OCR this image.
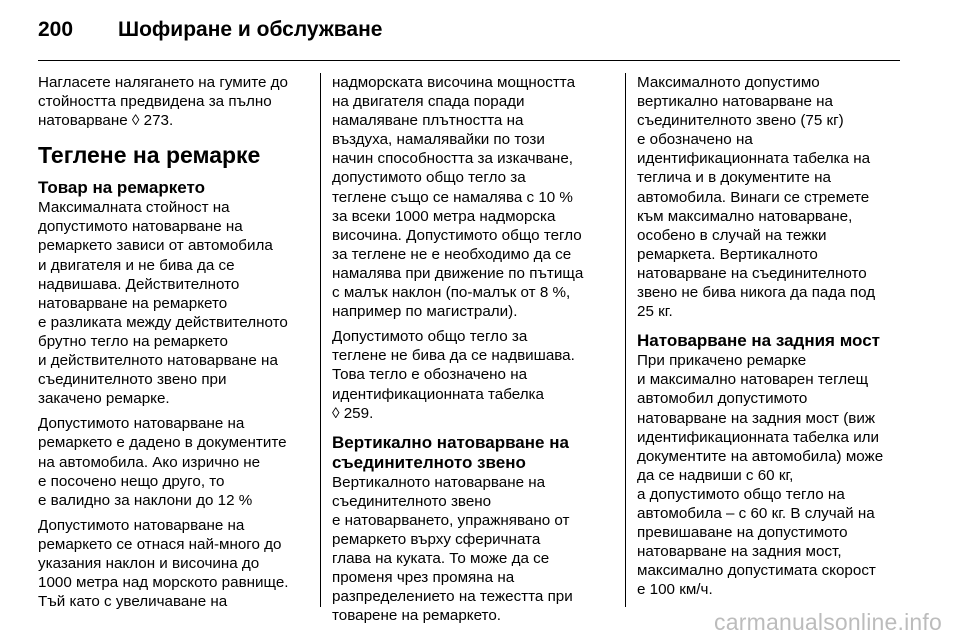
200	Шофиране и обслужване
Нагласете налягането на гумите до
стойността предвидена за пълно
натоварване ◊ 273.
Теглене на ремарке
Товар на ремаркето
Максималната стойност на
допустимото натоварване на
ремаркето зависи от автомобила
и двигателя и не бива да се
надвишава. Действителното
натоварване на ремаркето
е разликата между действителното
брутно тегло на ремаркето
и действителното натоварване на
съединителното звено при
закачено ремарке.
Допустимото натоварване на
ремаркето е дадено в документите
на автомобила. Ако изрично не
е посочено нещо друго, то
е валидно за наклони до 12 %
Допустимото натоварване на
ремаркето се отнася най-много до
указания наклон и височина до
1000 метра над морското равнище.
Тъй като с увеличаване на
надморската височина мощността
на двигателя спада поради
намаляване плътността на
въздуха, намалявайки по този
начин способността за изкачване,
допустимото общо тегло за
теглене също се намалява с 10 %
за всеки 1000 метра надморска
височина. Допустимото общо тегло
за теглене не е необходимо да се
намалява при движение по пътища
с малък наклон (по-малък от 8 %,
например по магистрали).
Допустимото общо тегло за
теглене не бива да се надвишава.
Това тегло е обозначено на
идентификационната табелка
◊ 259.
Вертикално натоварване на
съединителното звено
Вертикалното натоварване на
съединителното звено
е натоварването, упражнявано от
ремаркето върху сферичната
глава на куката. То може да се
променя чрез промяна на
разпределението на тежестта при
товарене на ремаркето.
Максималното допустимо
вертикално натоварване на
съединителното звено (75 кг)
е обозначено на
идентификационната табелка на
теглича и в документите на
автомобила. Винаги се стремете
към максимално натоварване,
особено в случай на тежки
ремаркета. Вертикалното
натоварване на съединителното
звено не бива никога да пада под
25 кг.
Натоварване на задния мост
При прикачено ремарке
и максимално натоварен теглещ
автомобил допустимото
натоварване на задния мост (виж
идентификационната табелка или
документите на автомобила) може
да се надвиши с 60 кг,
а допустимото общо тегло на
автомобила – с 60 кг. В случай на
превишаване на допустимото
натоварване на задния мост,
максимално допустимата скорост
е 100 км/ч.
carmanualsonline.info
